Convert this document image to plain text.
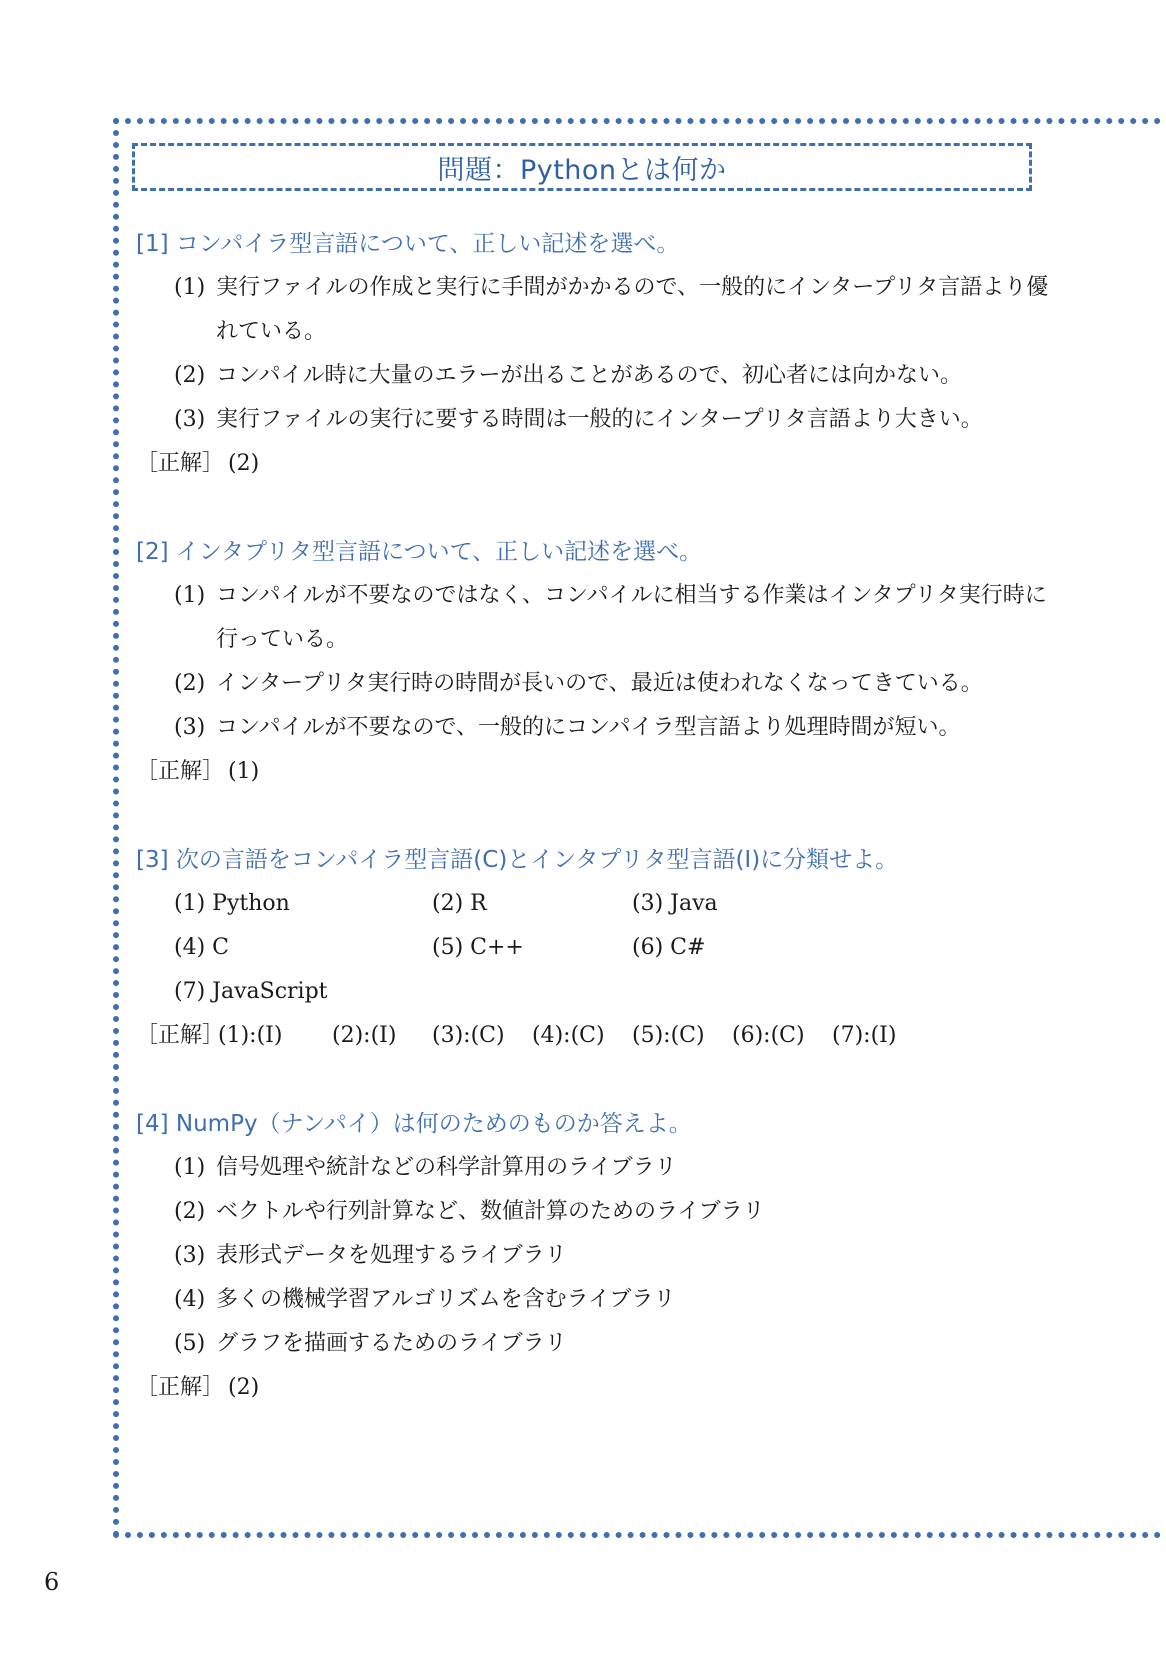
問題：Pythonとは何か
[1] コンパイラ型言語について、正しい記述を選べ。
(1) 実行ファイルの作成と実行に手間がかかるので、一般的にインタープリタ言語より優れている。
(2) コンパイル時に大量のエラーが出ることがあるので、初心者には向かない。
(3) 実行ファイルの実行に要する時間は一般的にインタープリタ言語より大きい。
［正解］ (2)
[2] インタプリタ型言語について、正しい記述を選べ。
(1) コンパイルが不要なのではなく、コンパイルに相当する作業はインタプリタ実行時に行っている。
(2) インタープリタ実行時の時間が長いので、最近は使われなくなってきている。
(3) コンパイルが不要なので、一般的にコンパイラ型言語より処理時間が短い。
［正解］ (1)
[3] 次の言語をコンパイラ型言語(C)とインタプリタ型言語(I)に分類せよ。
(1) Python	(2) R	(3) Java
(4) C	(5) C++	(6) C#
(7) JavaScript
［正解］
(1):(I) (2):(I) (3):(C) (4):(C) (5):(C) (6):(C) (7):(I)
[4] NumPy（ナンパイ）は何のためのものか答えよ。
(1) 信号処理や統計などの科学計算用のライブラリ
(2) ベクトルや行列計算など、数値計算のためのライブラリ
(3) 表形式データを処理するライブラリ
(4) 多くの機械学習アルゴリズムを含むライブラリ
(5) グラフを描画するためのライブラリ
［正解］ (2)
6
